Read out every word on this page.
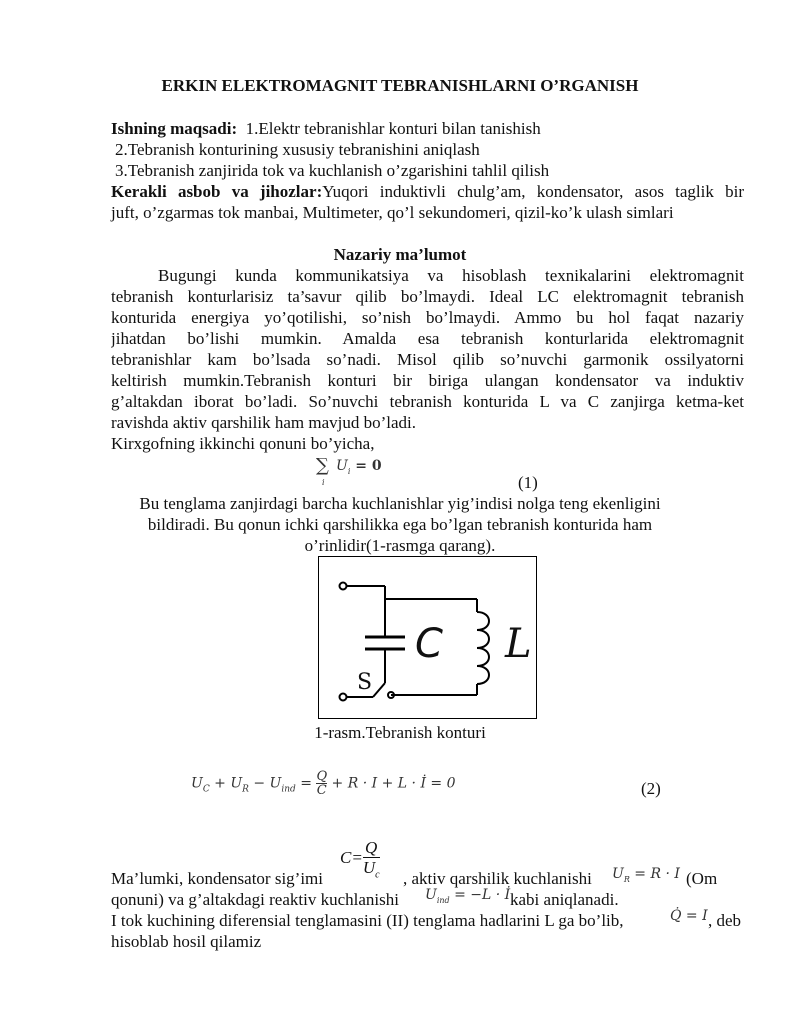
ERKIN ELEKTROMAGNIT TEBRANISHLARNI O’RGANISH
Ishning maqsadi: 1.Elektr tebranishlar konturi bilan tanishish
2.Tebranish konturining xususiy tebranishini aniqlash
3.Tebranish zanjirida tok va kuchlanish o’zgarishini tahlil qilish
Kerakli asbob va jihozlar:Yuqori induktivli chulg’am, kondensator, asos taglik bir
juft, o’zgarmas tok manbai, Multimeter, qo’l sekundomeri, qizil-ko’k ulash simlari
Nazariy ma’lumot
Bugungi kunda kommunikatsiya va hisoblash texnikalarini elektromagnit
tebranish konturlarisiz ta’savur qilib bo’lmaydi. Ideal LC elektromagnit tebranish
konturida energiya yo’qotilishi, so’nish bo’lmaydi. Ammo bu hol faqat nazariy
jihatdan bo’lishi mumkin. Amalda esa tebranish konturlarida elektromagnit
tebranishlar kam bo’lsada so’nadi. Misol qilib so’nuvchi garmonik ossilyatorni
keltirish mumkin.Tebranish konturi bir biriga ulangan kondensator va induktiv
g’altakdan iborat bo’ladi. So’nuvchi tebranish konturida L va C zanjirga ketma-ket
ravishda aktiv qarshilik ham mavjud bo’ladi.
Kirxgofning ikkinchi qonuni bo’yicha,
∑
i
$U_i = 0$
(1)
Bu tenglama zanjirdagi barcha kuchlanishlar yig’indisi nolga teng ekenligini
bildiradi. Bu qonun ichki qarshilikka ega bo’lgan tebranish konturida ham
o’rinlidir(1-rasmga qarang).
C L
S
1-rasm.Tebranish konturi
$U_C + U_R - U_{ind} = \frac{Q}{C} + R \cdot I + L$ · İ = 0	(2)
$C= \frac{Q}{U_c}$
Ma’lumki, kondensator sig’imi	, aktiv qarshilik kuchlanishi $U_R = R \cdot I$ (Om
qonuni) va g’altakdagi reaktiv kuchlanishi $U_{ind} = -L$ · İ kabi aniqlanadi.
I tok kuchining diferensial tenglamasini (II) tenglama hadlarini L ga bo’lib,	Q̇ = I , deb
hisoblab hosil qilamiz
